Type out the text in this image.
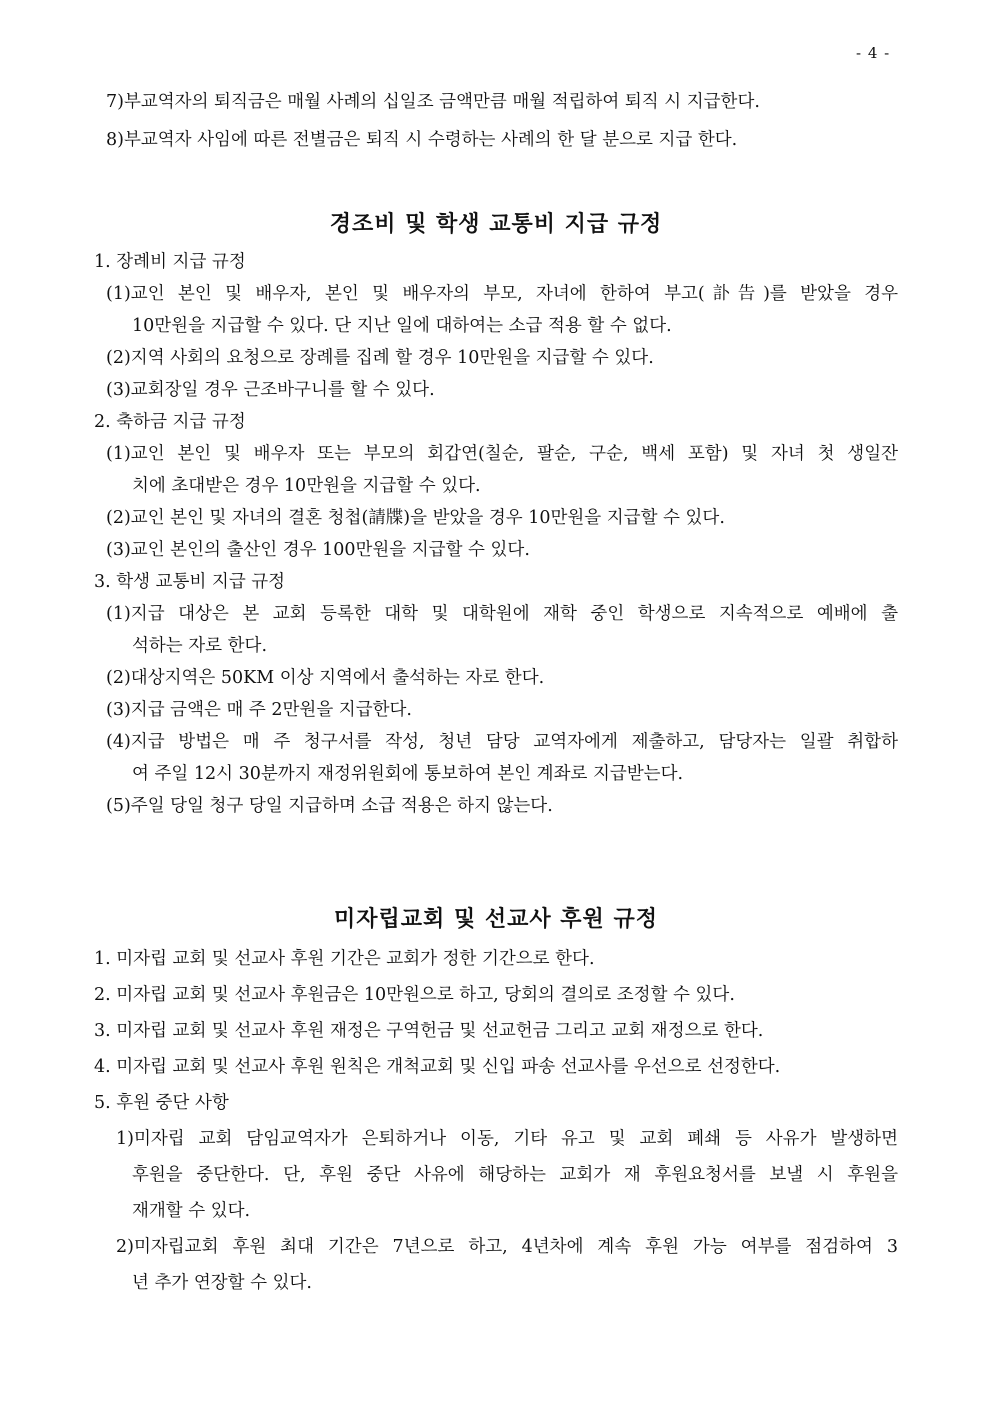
- 4 -
7)부교역자의 퇴직금은 매월 사례의 십일조 금액만큼 매월 적립하여 퇴직 시 지급한다.
8)부교역자 사임에 따른 전별금은 퇴직 시 수령하는 사례의 한 달 분으로 지급 한다.
경조비 및 학생 교통비 지급 규정
1. 장례비 지급 규정
(1)교인 본인 및 배우자, 본인 및 배우자의 부모, 자녀에 한하여 부고(訃告)를 받았을 경우
10만원을 지급할 수 있다. 단 지난 일에 대하여는 소급 적용 할 수 없다.
(2)지역 사회의 요청으로 장례를 집례 할 경우 10만원을 지급할 수 있다.
(3)교회장일 경우 근조바구니를 할 수 있다.
2. 축하금 지급 규정
(1)교인 본인 및 배우자 또는 부모의 회갑연(칠순, 팔순, 구순, 백세 포함) 및 자녀 첫 생일잔
치에 초대받은 경우 10만원을 지급할 수 있다.
(2)교인 본인 및 자녀의 결혼 청첩(請牒)을 받았을 경우 10만원을 지급할 수 있다.
(3)교인 본인의 출산인 경우 100만원을 지급할 수 있다.
3. 학생 교통비 지급 규정
(1)지급 대상은 본 교회 등록한 대학 및 대학원에 재학 중인 학생으로 지속적으로 예배에 출
석하는 자로 한다.
(2)대상지역은 50KM 이상 지역에서 출석하는 자로 한다.
(3)지급 금액은 매 주 2만원을 지급한다.
(4)지급 방법은 매 주 청구서를 작성, 청년 담당 교역자에게 제출하고, 담당자는 일괄 취합하
여 주일 12시 30분까지 재정위원회에 통보하여 본인 계좌로 지급받는다.
(5)주일 당일 청구 당일 지급하며 소급 적용은 하지 않는다.
미자립교회 및 선교사 후원 규정
1. 미자립 교회 및 선교사 후원 기간은 교회가 정한 기간으로 한다.
2. 미자립 교회 및 선교사 후원금은 10만원으로 하고, 당회의 결의로 조정할 수 있다.
3. 미자립 교회 및 선교사 후원 재정은 구역헌금 및 선교헌금 그리고 교회 재정으로 한다.
4. 미자립 교회 및 선교사 후원 원칙은 개척교회 및 신입 파송 선교사를 우선으로 선정한다.
5. 후원 중단 사항
1)미자립 교회 담임교역자가 은퇴하거나 이동, 기타 유고 및 교회 폐쇄 등 사유가 발생하면
후원을 중단한다. 단, 후원 중단 사유에 해당하는 교회가 재 후원요청서를 보낼 시 후원을
재개할 수 있다.
2)미자립교회 후원 최대 기간은 7년으로 하고, 4년차에 계속 후원 가능 여부를 점검하여 3
년 추가 연장할 수 있다.
